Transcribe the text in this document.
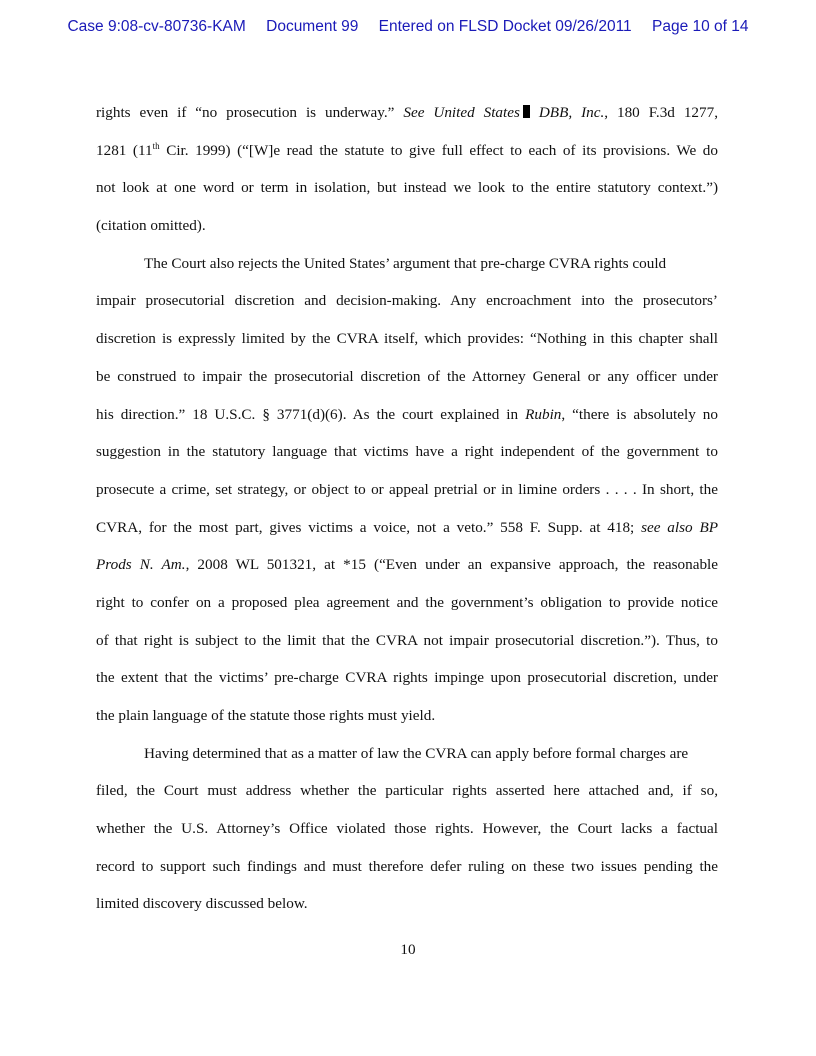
Case 9:08-cv-80736-KAM Document 99 Entered on FLSD Docket 09/26/2011 Page 10 of 14
rights even if “no prosecution is underway.” See United States DBB, Inc., 180 F.3d 1277,
1281 (11th Cir. 1999) (“[W]e read the statute to give full effect to each of its provisions. We do
not look at one word or term in isolation, but instead we look to the entire statutory context.”)
(citation omitted).
The Court also rejects the United States’ argument that pre-charge CVRA rights could
impair prosecutorial discretion and decision-making. Any encroachment into the prosecutors’
discretion is expressly limited by the CVRA itself, which provides: “Nothing in this chapter shall
be construed to impair the prosecutorial discretion of the Attorney General or any officer under
his direction.” 18 U.S.C. § 3771(d)(6). As the court explained in Rubin, “there is absolutely no
suggestion in the statutory language that victims have a right independent of the government to
prosecute a crime, set strategy, or object to or appeal pretrial or in limine orders . . . . In short, the
CVRA, for the most part, gives victims a voice, not a veto.” 558 F. Supp. at 418; see also BP
Prods N. Am., 2008 WL 501321, at *15 (“Even under an expansive approach, the reasonable
right to confer on a proposed plea agreement and the government’s obligation to provide notice
of that right is subject to the limit that the CVRA not impair prosecutorial discretion.”). Thus, to
the extent that the victims’ pre-charge CVRA rights impinge upon prosecutorial discretion, under
the plain language of the statute those rights must yield.
Having determined that as a matter of law the CVRA can apply before formal charges are
filed, the Court must address whether the particular rights asserted here attached and, if so,
whether the U.S. Attorney’s Office violated those rights. However, the Court lacks a factual
record to support such findings and must therefore defer ruling on these two issues pending the
limited discovery discussed below.
10
